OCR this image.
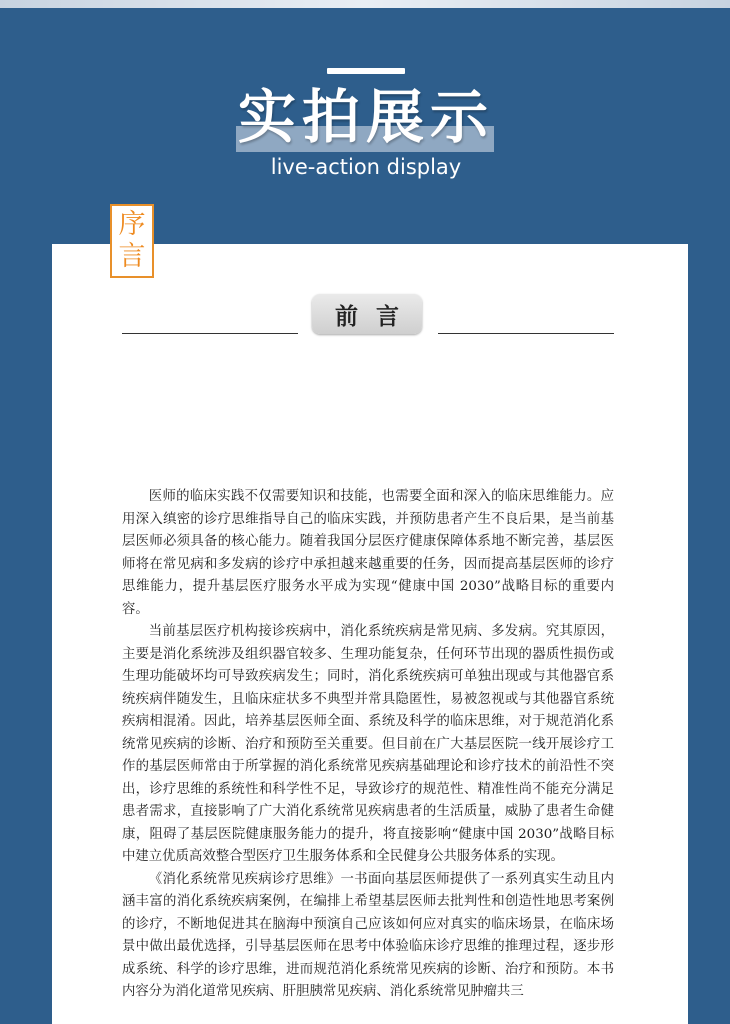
实拍展示
live-action display
序
言
前言

医师的临床实践不仅需要知识和技能，也需要全面和深入的临床思维能力。应用深入缜密的诊疗思维指导自己的临床实践，并预防患者产生不良后果，是当前基层医师必须具备的核心能力。随着我国分层医疗健康保障体系地不断完善，基层医师将在常见病和多发病的诊疗中承担越来越重要的任务，因而提高基层医师的诊疗思维能力，提升基层医疗服务水平成为实现“健康中国 2030”战略目标的重要内容。

当前基层医疗机构接诊疾病中，消化系统疾病是常见病、多发病。究其原因，主要是消化系统涉及组织器官较多、生理功能复杂，任何环节出现的器质性损伤或生理功能破坏均可导致疾病发生；同时，消化系统疾病可单独出现或与其他器官系统疾病伴随发生，且临床症状多不典型并常具隐匿性，易被忽视或与其他器官系统疾病相混淆。因此，培养基层医师全面、系统及科学的临床思维，对于规范消化系统常见疾病的诊断、治疗和预防至关重要。但目前在广大基层医院一线开展诊疗工作的基层医师常由于所掌握的消化系统常见疾病基础理论和诊疗技术的前沿性不突出，诊疗思维的系统性和科学性不足，导致诊疗的规范性、精准性尚不能充分满足患者需求，直接影响了广大消化系统常见疾病患者的生活质量，威胁了患者生命健康，阻碍了基层医院健康服务能力的提升，将直接影响“健康中国 2030”战略目标中建立优质高效整合型医疗卫生服务体系和全民健身公共服务体系的实现。

《消化系统常见疾病诊疗思维》一书面向基层医师提供了一系列真实生动且内涵丰富的消化系统疾病案例，在编排上希望基层医师去批判性和创造性地思考案例的诊疗，不断地促进其在脑海中预演自己应该如何应对真实的临床场景，在临床场景中做出最优选择，引导基层医师在思考中体验临床诊疗思维的推理过程，逐步形成系统、科学的诊疗思维，进而规范消化系统常见疾病的诊断、治疗和预防。本书内容分为消化道常见疾病、肝胆胰常见疾病、消化系统常见肿瘤共三
